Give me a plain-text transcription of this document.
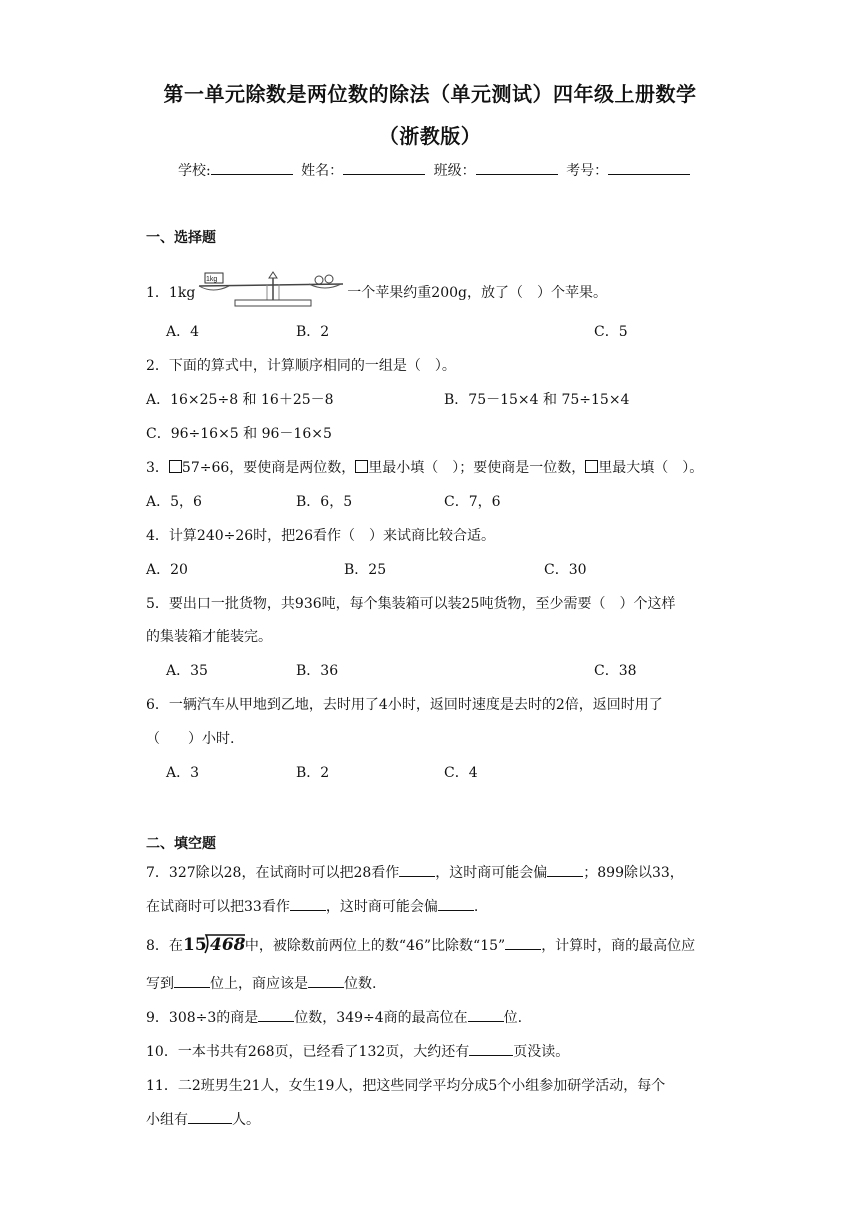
第一单元除数是两位数的除法（单元测试）四年级上册数学
（浙教版）
学校:	姓名：	班级：	考号：
一、选择题
1．1kg
1kg
一个苹果约重200g，放了（　）个苹果。
A．4	B．2	C．5
2．下面的算式中，计算顺序相同的一组是（　）。
A．16×25÷8 和 16＋25－8	B．75－15×4 和 75÷15×4
C．96÷16×5 和 96－16×5
3． 57÷66，要使商是两位数， 里最小填（　）；要使商是一位数， 里最大填（　）。
A．5，6	B．6，5	C．7，6
4．计算240÷26时，把26看作（　）来试商比较合适。
A．20	B．25	C．30
5．要出口一批货物，共936吨，每个集装箱可以装25吨货物，至少需要（　）个这样
的集装箱才能装完。
A．35	B．36	C．38
6．一辆汽车从甲地到乙地，去时用了4小时，返回时速度是去时的2倍，返回时用了
（　　）小时.
A．3	B．2	C．4
二、填空题
7．327除以28，在试商时可以把28看作	，这时商可能会偏	；899除以33，
在试商时可以把33看作	，这时商可能会偏	.
8．在 15 468 中，被除数前两位上的数“46”比除数“15”	，计算时，商的最高位应
写到	位上，商应该是	位数.
9．308÷3的商是	位数，349÷4商的最高位在	位.
10．一本书共有268页，已经看了132页，大约还有	页没读。
11．二2班男生21人，女生19人，把这些同学平均分成5个小组参加研学活动，每个
小组有	人。
